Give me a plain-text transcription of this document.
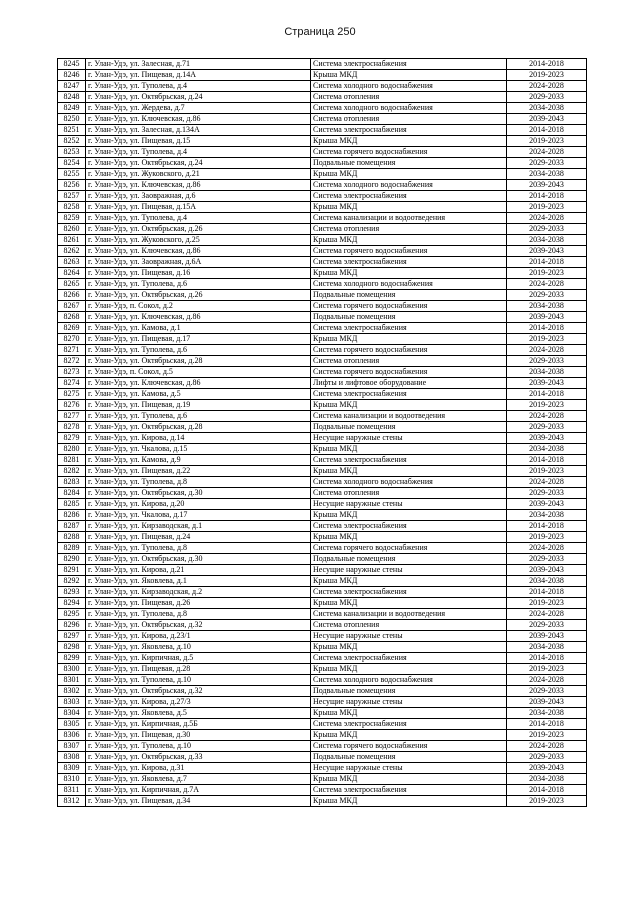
Страница 250
8245	г. Улан-Удэ, ул. Залесная, д.71	Система электроснабжения	2014-2018
8246	г. Улан-Удэ, ул. Пищевая, д.14А	Крыша МКД	2019-2023
8247	г. Улан-Удэ, ул. Туполева, д.4	Система холодного водоснабжения	2024-2028
8248	г. Улан-Удэ, ул. Октябрьская, д.24	Система отопления	2029-2033
8249	г. Улан-Удэ, ул. Жердева, д.7	Система холодного водоснабжения	2034-2038
8250	г. Улан-Удэ, ул. Ключевская, д.86	Система отопления	2039-2043
8251	г. Улан-Удэ, ул. Залесная, д.134А	Система электроснабжения	2014-2018
8252	г. Улан-Удэ, ул. Пищевая, д.15	Крыша МКД	2019-2023
8253	г. Улан-Удэ, ул. Туполева, д.4	Система горячего водоснабжения	2024-2028
8254	г. Улан-Удэ, ул. Октябрьская, д.24	Подвальные помещения	2029-2033
8255	г. Улан-Удэ, ул. Жуковского, д.21	Крыша МКД	2034-2038
8256	г. Улан-Удэ, ул. Ключевская, д.86	Система холодного водоснабжения	2039-2043
8257	г. Улан-Удэ, ул. Заовражная, д.6	Система электроснабжения	2014-2018
8258	г. Улан-Удэ, ул. Пищевая, д.15А	Крыша МКД	2019-2023
8259	г. Улан-Удэ, ул. Туполева, д.4	Система канализации и водоотведения	2024-2028
8260	г. Улан-Удэ, ул. Октябрьская, д.26	Система отопления	2029-2033
8261	г. Улан-Удэ, ул. Жуковского, д.25	Крыша МКД	2034-2038
8262	г. Улан-Удэ, ул. Ключевская, д.86	Система горячего водоснабжения	2039-2043
8263	г. Улан-Удэ, ул. Заовражная, д.6А	Система электроснабжения	2014-2018
8264	г. Улан-Удэ, ул. Пищевая, д.16	Крыша МКД	2019-2023
8265	г. Улан-Удэ, ул. Туполева, д.6	Система холодного водоснабжения	2024-2028
8266	г. Улан-Удэ, ул. Октябрьская, д.26	Подвальные помещения	2029-2033
8267	г. Улан-Удэ, п. Сокол, д.2	Система горячего водоснабжения	2034-2038
8268	г. Улан-Удэ, ул. Ключевская, д.86	Подвальные помещения	2039-2043
8269	г. Улан-Удэ, ул. Камова, д.1	Система электроснабжения	2014-2018
8270	г. Улан-Удэ, ул. Пищевая, д.17	Крыша МКД	2019-2023
8271	г. Улан-Удэ, ул. Туполева, д.6	Система горячего водоснабжения	2024-2028
8272	г. Улан-Удэ, ул. Октябрьская, д.28	Система отопления	2029-2033
8273	г. Улан-Удэ, п. Сокол, д.5	Система горячего водоснабжения	2034-2038
8274	г. Улан-Удэ, ул. Ключевская, д.86	Лифты и лифтовое оборудование	2039-2043
8275	г. Улан-Удэ, ул. Камова, д.5	Система электроснабжения	2014-2018
8276	г. Улан-Удэ, ул. Пищевая, д.19	Крыша МКД	2019-2023
8277	г. Улан-Удэ, ул. Туполева, д.6	Система канализации и водоотведения	2024-2028
8278	г. Улан-Удэ, ул. Октябрьская, д.28	Подвальные помещения	2029-2033
8279	г. Улан-Удэ, ул. Кирова, д.14	Несущие наружные стены	2039-2043
8280	г. Улан-Удэ, ул. Чкалова, д.15	Крыша МКД	2034-2038
8281	г. Улан-Удэ, ул. Камова, д.9	Система электроснабжения	2014-2018
8282	г. Улан-Удэ, ул. Пищевая, д.22	Крыша МКД	2019-2023
8283	г. Улан-Удэ, ул. Туполева, д.8	Система холодного водоснабжения	2024-2028
8284	г. Улан-Удэ, ул. Октябрьская, д.30	Система отопления	2029-2033
8285	г. Улан-Удэ, ул. Кирова, д.20	Несущие наружные стены	2039-2043
8286	г. Улан-Удэ, ул. Чкалова, д.17	Крыша МКД	2034-2038
8287	г. Улан-Удэ, ул. Кирзаводская, д.1	Система электроснабжения	2014-2018
8288	г. Улан-Удэ, ул. Пищевая, д.24	Крыша МКД	2019-2023
8289	г. Улан-Удэ, ул. Туполева, д.8	Система горячего водоснабжения	2024-2028
8290	г. Улан-Удэ, ул. Октябрьская, д.30	Подвальные помещения	2029-2033
8291	г. Улан-Удэ, ул. Кирова, д.21	Несущие наружные стены	2039-2043
8292	г. Улан-Удэ, ул. Яковлева, д.1	Крыша МКД	2034-2038
8293	г. Улан-Удэ, ул. Кирзаводская, д.2	Система электроснабжения	2014-2018
8294	г. Улан-Удэ, ул. Пищевая, д.26	Крыша МКД	2019-2023
8295	г. Улан-Удэ, ул. Туполева, д.8	Система канализации и водоотведения	2024-2028
8296	г. Улан-Удэ, ул. Октябрьская, д.32	Система отопления	2029-2033
8297	г. Улан-Удэ, ул. Кирова, д.23/1	Несущие наружные стены	2039-2043
8298	г. Улан-Удэ, ул. Яковлева, д.10	Крыша МКД	2034-2038
8299	г. Улан-Удэ, ул. Кирпичная, д.5	Система электроснабжения	2014-2018
8300	г. Улан-Удэ, ул. Пищевая, д.28	Крыша МКД	2019-2023
8301	г. Улан-Удэ, ул. Туполева, д.10	Система холодного водоснабжения	2024-2028
8302	г. Улан-Удэ, ул. Октябрьская, д.32	Подвальные помещения	2029-2033
8303	г. Улан-Удэ, ул. Кирова, д.27/3	Несущие наружные стены	2039-2043
8304	г. Улан-Удэ, ул. Яковлева, д.5	Крыша МКД	2034-2038
8305	г. Улан-Удэ, ул. Кирпичная, д.5Б	Система электроснабжения	2014-2018
8306	г. Улан-Удэ, ул. Пищевая, д.30	Крыша МКД	2019-2023
8307	г. Улан-Удэ, ул. Туполева, д.10	Система горячего водоснабжения	2024-2028
8308	г. Улан-Удэ, ул. Октябрьская, д.33	Подвальные помещения	2029-2033
8309	г. Улан-Удэ, ул. Кирова, д.31	Несущие наружные стены	2039-2043
8310	г. Улан-Удэ, ул. Яковлева, д.7	Крыша МКД	2034-2038
8311	г. Улан-Удэ, ул. Кирпичная, д.7А	Система электроснабжения	2014-2018
8312	г. Улан-Удэ, ул. Пищевая, д.34	Крыша МКД	2019-2023
